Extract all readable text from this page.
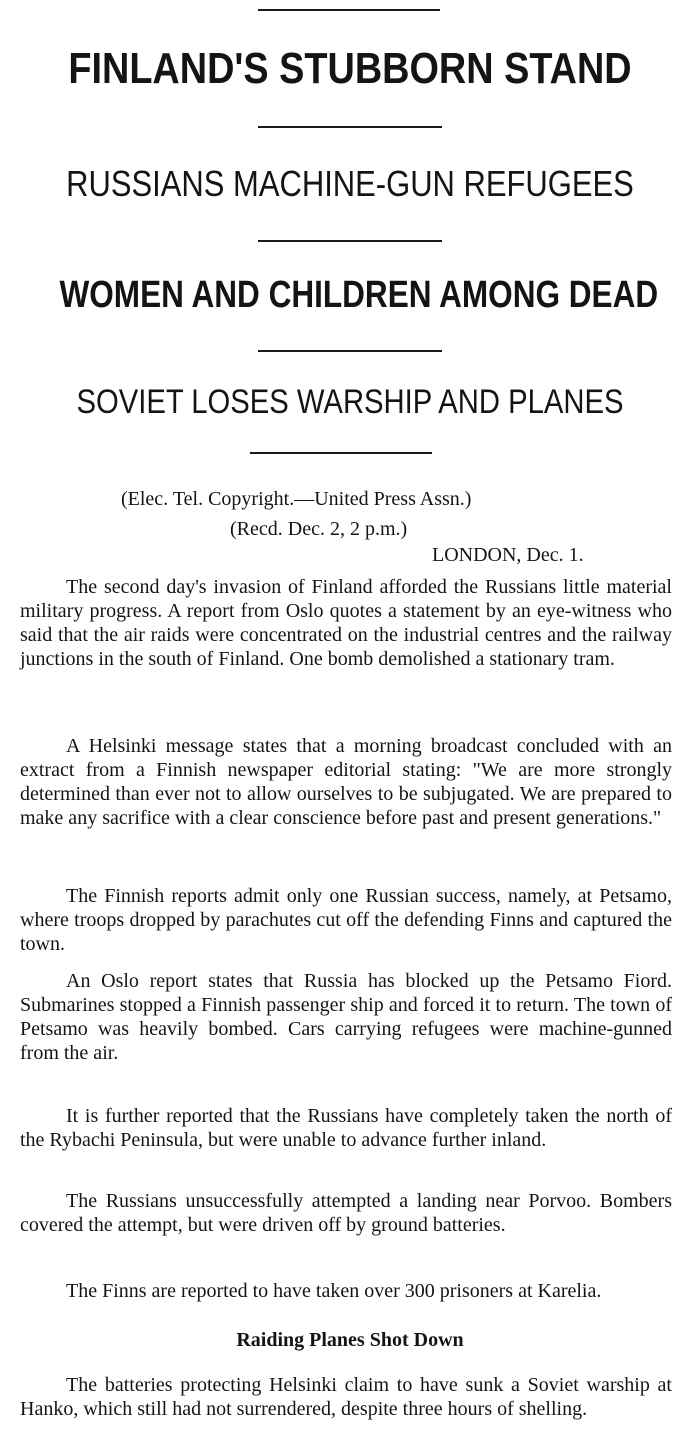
FINLAND'S STUBBORN STAND
RUSSIANS MACHINE-GUN REFUGEES
WOMEN AND CHILDREN AMONG DEAD
SOVIET LOSES WARSHIP AND PLANES

(Elec. Tel. Copyright.—United Press Assn.)

(Recd. Dec. 2, 2 p.m.)

LONDON, Dec. 1.

The second day's invasion of Finland afforded the Russians little material military progress. A report from Oslo quotes a statement by an eye-witness who said that the air raids were concentrated on the industrial centres and the railway junctions in the south of Finland. One bomb demolished a stationary tram.

A Helsinki message states that a morning broadcast concluded with an extract from a Finnish newspaper editorial stating: "We are more strongly determined than ever not to allow ourselves to be subjugated. We are prepared to make any sacrifice with a clear conscience before past and present generations."

The Finnish reports admit only one Russian success, namely, at Petsamo, where troops dropped by parachutes cut off the defending Finns and captured the town.

An Oslo report states that Russia has blocked up the Petsamo Fiord. Submarines stopped a Finnish passenger ship and forced it to return. The town of Petsamo was heavily bombed. Cars carrying refugees were machine-gunned from the air.

It is further reported that the Russians have completely taken the north of the Rybachi Peninsula, but were unable to advance further inland.

The Russians unsuccessfully attempted a landing near Porvoo. Bombers covered the attempt, but were driven off by ground batteries.

The Finns are reported to have taken over 300 prisoners at Karelia.

Raiding Planes Shot Down

The batteries protecting Helsinki claim to have sunk a Soviet warship at Hanko, which still had not surrendered, despite three hours of shelling.
